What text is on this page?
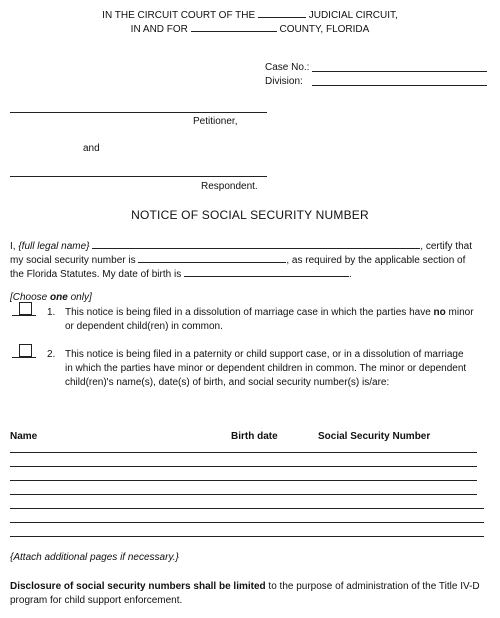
IN THE CIRCUIT COURT OF THE	JUDICIAL CIRCUIT,
IN AND FOR	COUNTY, FLORIDA
Case No.:
Division:
Petitioner,
and
Respondent.
NOTICE OF SOCIAL SECURITY NUMBER
I, {full legal name}	, certify that
my social security number is	, as required by the applicable section of
the Florida Statutes. My date of birth is	.
[Choose one only]
1. This notice is being filed in a dissolution of marriage case in which the parties have no minor
or dependent child(ren) in common.
2. This notice is being filed in a paternity or child support case, or in a dissolution of marriage
in which the parties have minor or dependent children in common. The minor or dependent
child(ren)'s name(s), date(s) of birth, and social security number(s) is/are:
Name	Birth date	Social Security Number
{Attach additional pages if necessary.}
Disclosure of social security numbers shall be limited to the purpose of administration of the Title IV-D
program for child support enforcement.
